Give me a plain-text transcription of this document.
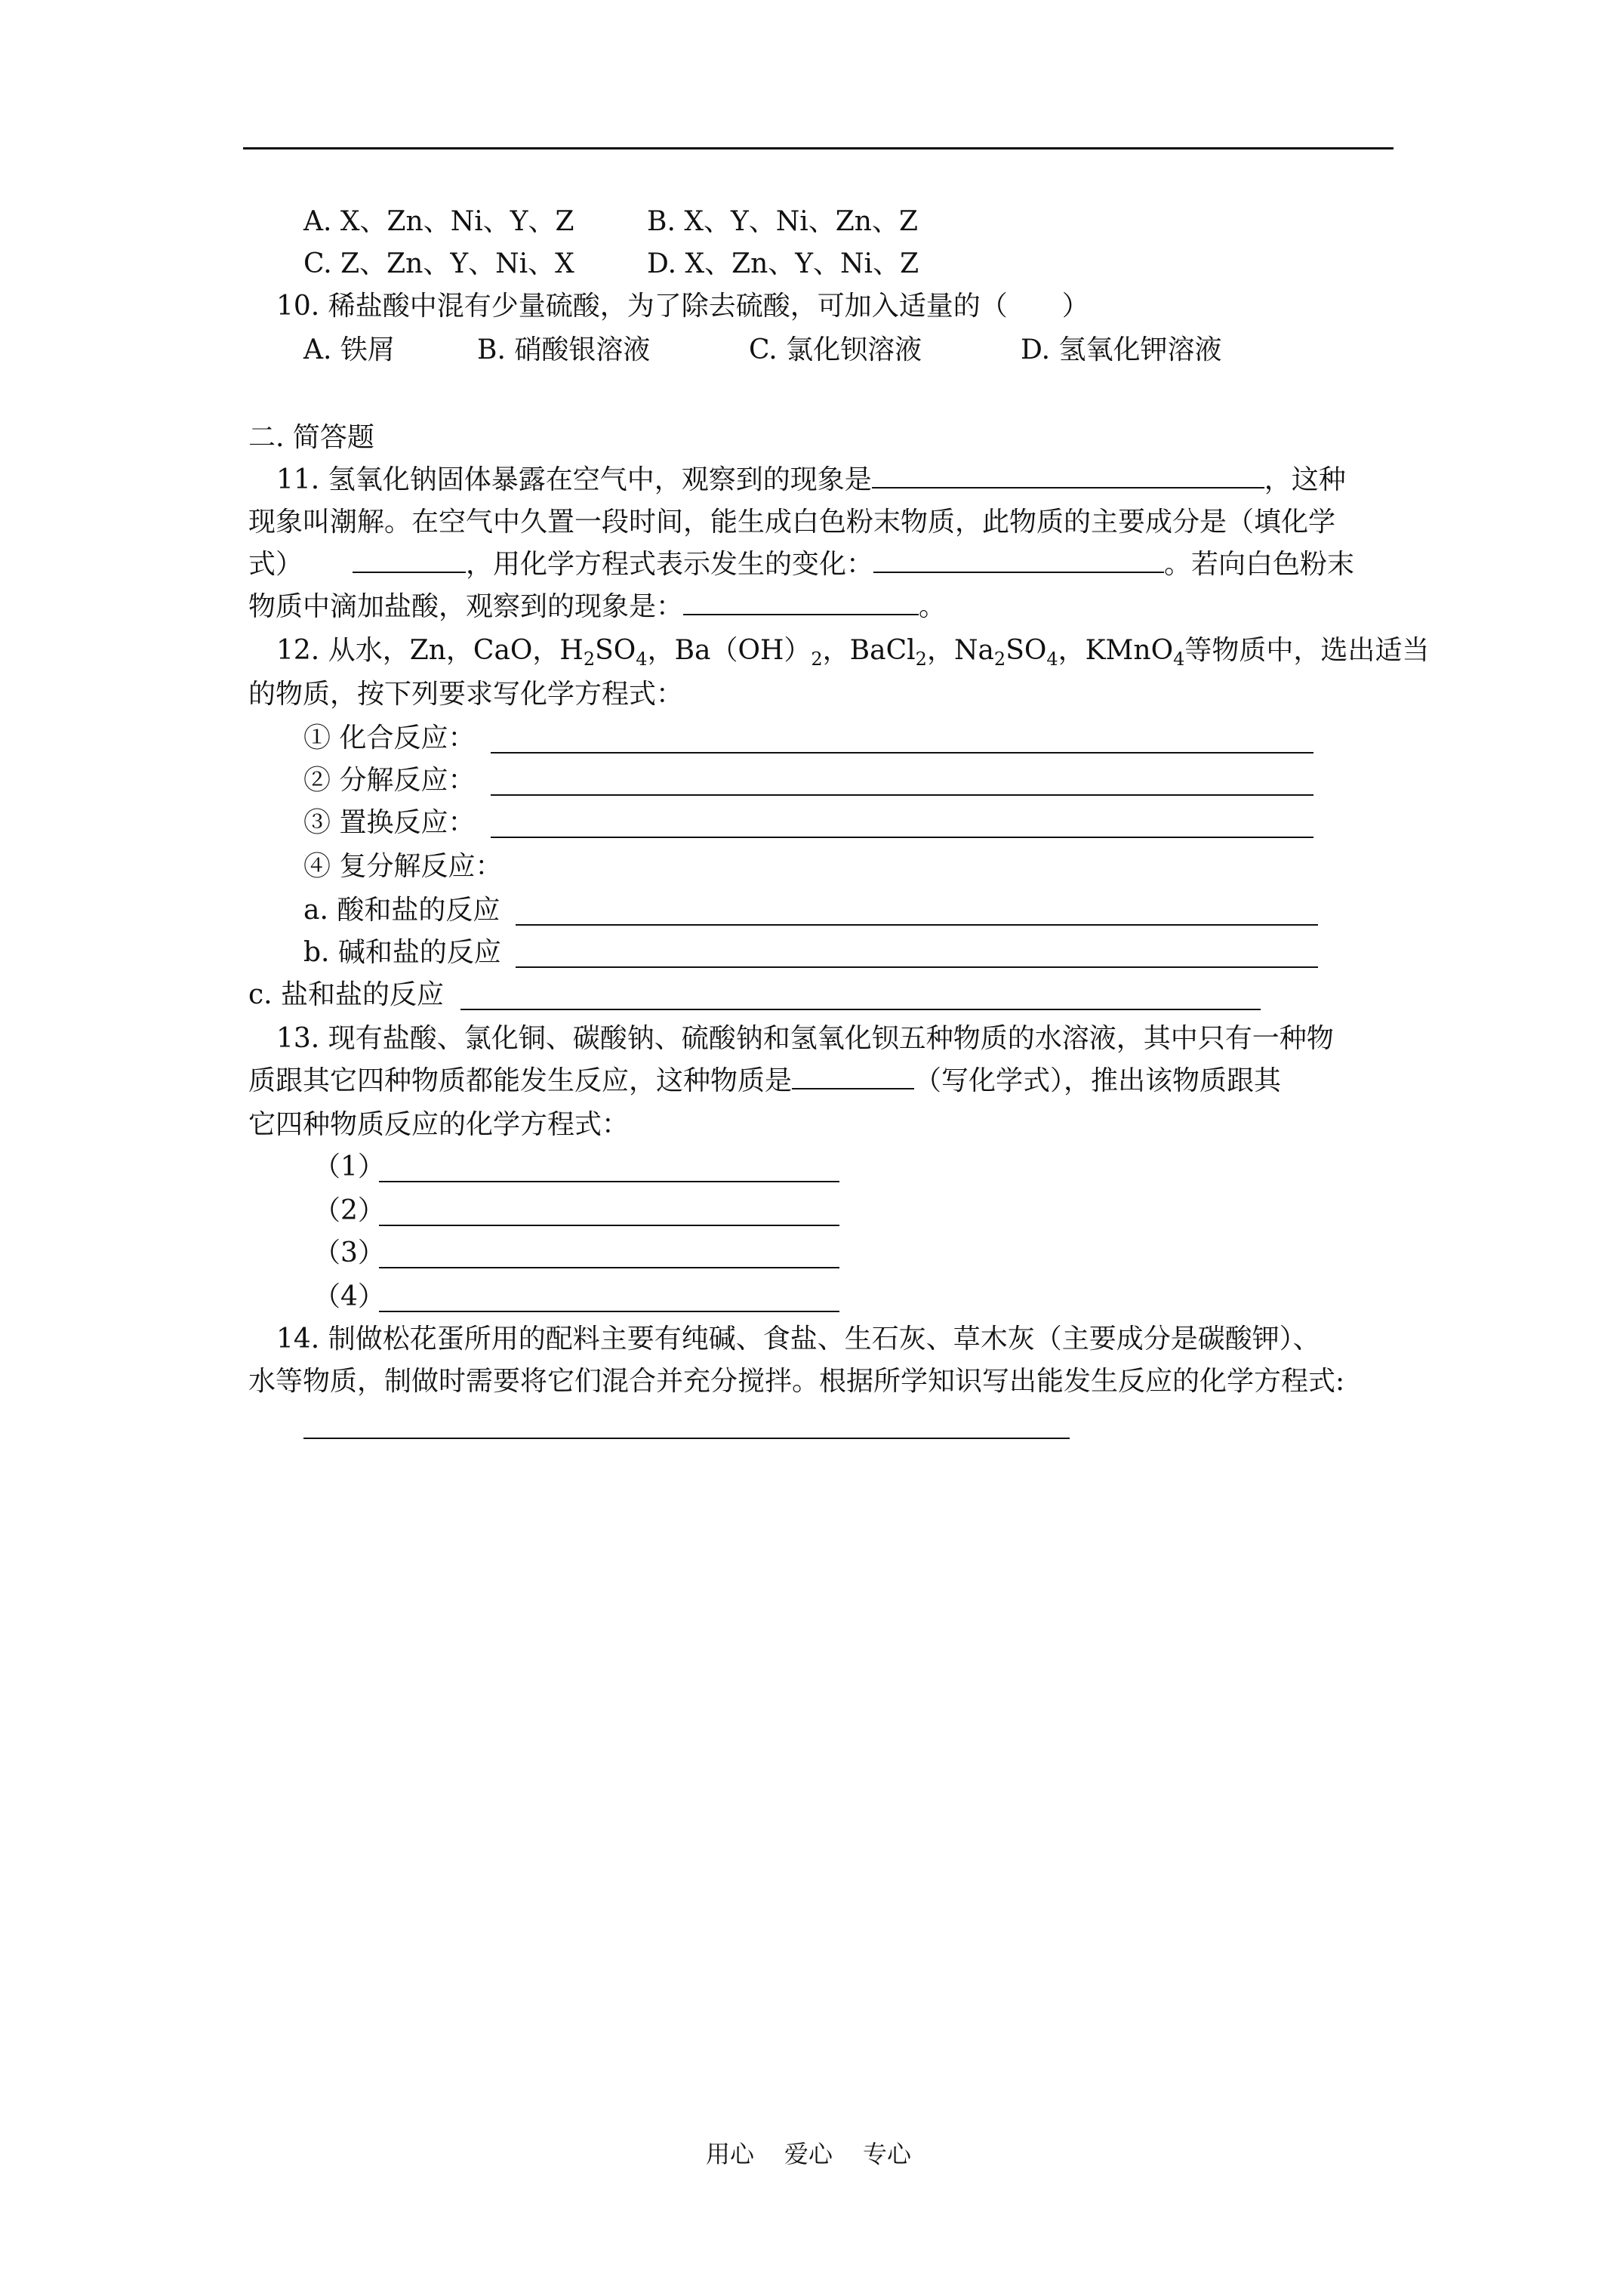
A. X、Zn、Ni、Y、Z	B. X、Y、Ni、Zn、Z
C. Z、Zn、Y、Ni、X	D. X、Zn、Y、Ni、Z
10. 稀盐酸中混有少量硫酸，为了除去硫酸，可加入适量的（　　）
A. 铁屑	B. 硝酸银溶液	C. 氯化钡溶液	D. 氢氧化钾溶液
二. 简答题
11. 氢氧化钠固体暴露在空气中，观察到的现象是	，这种
现象叫潮解。在空气中久置一段时间，能生成白色粉末物质，此物质的主要成分是（填化学
式）	，用化学方程式表示发生的变化：	。若向白色粉末
物质中滴加盐酸，观察到的现象是：	。
12. 从水，Zn，CaO，$H_2SO_4$，$Ba(OH)_2$，BaCl$_2$，$Na_2SO_4$，KMnO$_4$等物质中，选出适当
的物质，按下列要求写化学方程式：
① 化合反应：
② 分解反应：
③ 置换反应：
④ 复分解反应：
a. 酸和盐的反应
b. 碱和盐的反应
c. 盐和盐的反应
13. 现有盐酸、氯化铜、碳酸钠、硫酸钠和氢氧化钡五种物质的水溶液，其中只有一种物
质跟其它四种物质都能发生反应，这种物质是	（写化学式），推出该物质跟其
它四种物质反应的化学方程式：
（1）
（2）
（3）
（4）
14. 制做松花蛋所用的配料主要有纯碱、食盐、生石灰、草木灰（主要成分是碳酸钾）、
水等物质，制做时需要将它们混合并充分搅拌。根据所学知识写出能发生反应的化学方程式:
用心 爱心 专心
